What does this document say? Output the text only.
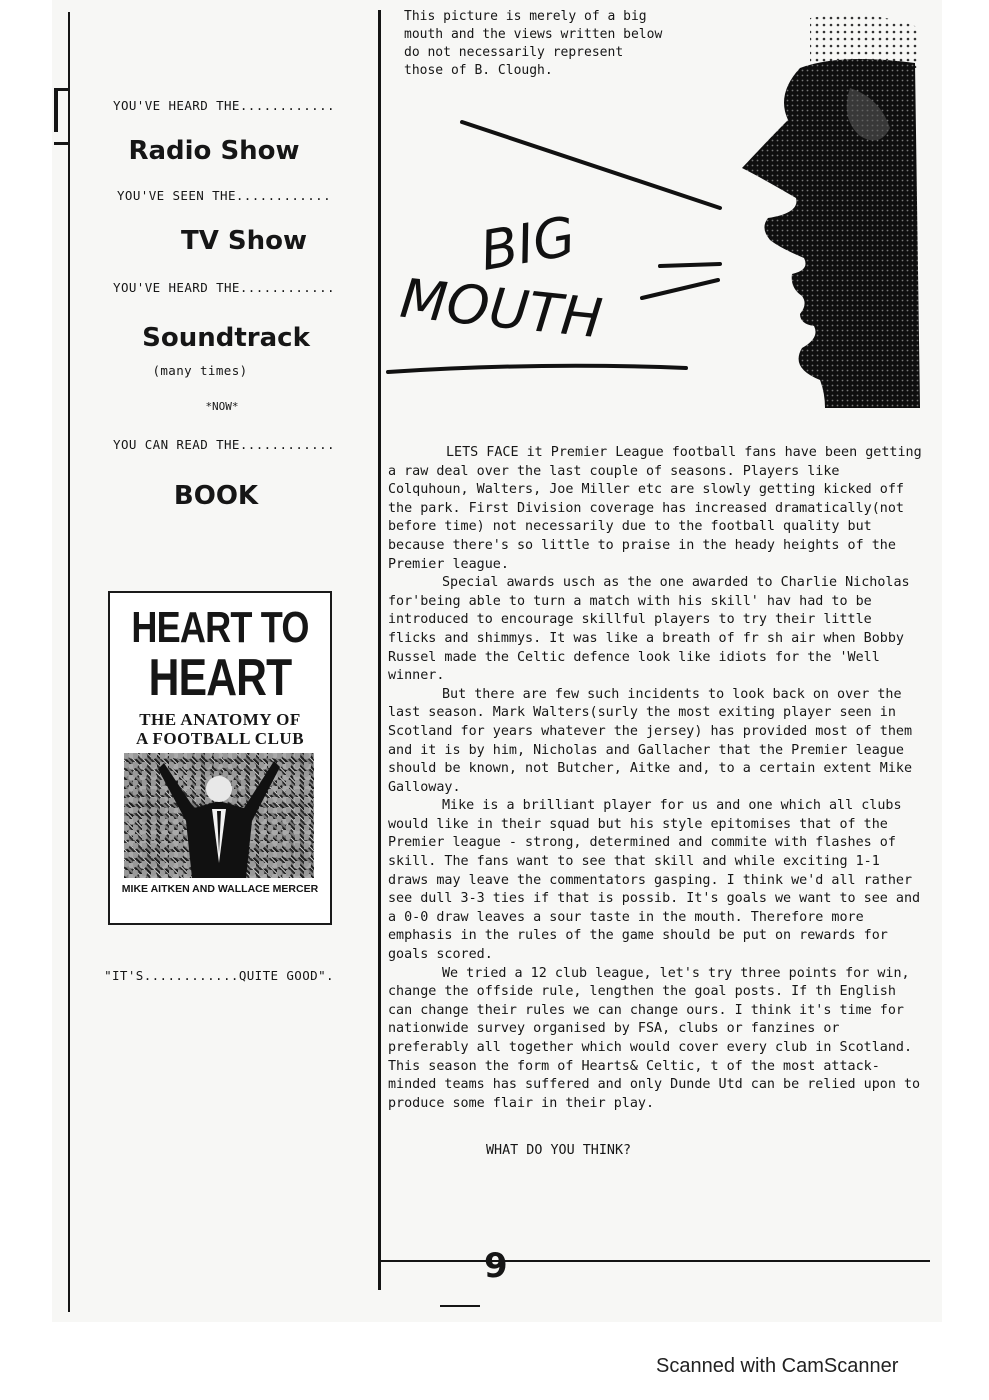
YOU'VE HEARD THE............
Radio Show
YOU'VE SEEN THE............
TV Show
YOU'VE HEARD THE............
Soundtrack
(many times)
*NOW*
YOU CAN READ THE............
BOOK
HEART TO
HEART
THE ANATOMY OF
A FOOTBALL CLUB
MIKE AITKEN AND WALLACE MERCER
"IT'S............QUITE GOOD".
This picture is merely of a big
mouth and the views written below
do not necessarily represent
those of B. Clough.
BIG
MOUTH

LETS FACE it Premier League football fans have been getting a raw deal over the last couple of seasons. Players like Colquhoun, Walters, Joe Miller etc are slowly getting kicked off the park. First Division coverage has increased dramatically(not before time) not necessarily due to the football quality but because there's so little to praise in the heady heights of the Premier league.

Special awards usch as the one awarded to Charlie Nicholas for'being able to turn a match with his skill' hav had to be introduced to encourage skillful players to try their little flicks and shimmys. It was like a breath of fr sh air when Bobby Russel made the Celtic defence look like idiots for the 'Well winner.

But there are few such incidents to look back on over the last season. Mark Walters(surly the most exiting player seen in Scotland for years whatever the jersey) has provided most of them and it is by him, Nicholas and Gallacher that the Premier league should be known, not Butcher, Aitke and, to a certain extent Mike Galloway.

Mike is a brilliant player for us and one which all clubs would like in their squad but his style epitomises that of the Premier league - strong, determined and commite with flashes of skill. The fans want to see that skill and while exciting 1-1 draws may leave the commentators gasping. I think we'd all rather see dull 3-3 ties if that is possib. It's goals we want to see and a 0-0 draw leaves a sour taste in the mouth. Therefore more emphasis in the rules of the game should be put on rewards for goals scored.

We tried a 12 club league, let's try three points for win, change the offside rule, lengthen the goal posts. If th English can change their rules we can change ours. I think it's time for nationwide survey organised by FSA, clubs or fanzines or preferably all together which would cover every club in Scotland. This season the form of Hearts& Celtic, t of the most attack-minded teams has suffered and only Dunde Utd can be relied upon to produce some flair in their play.

WHAT DO YOU THINK?
9
Scanned with CamScanner
